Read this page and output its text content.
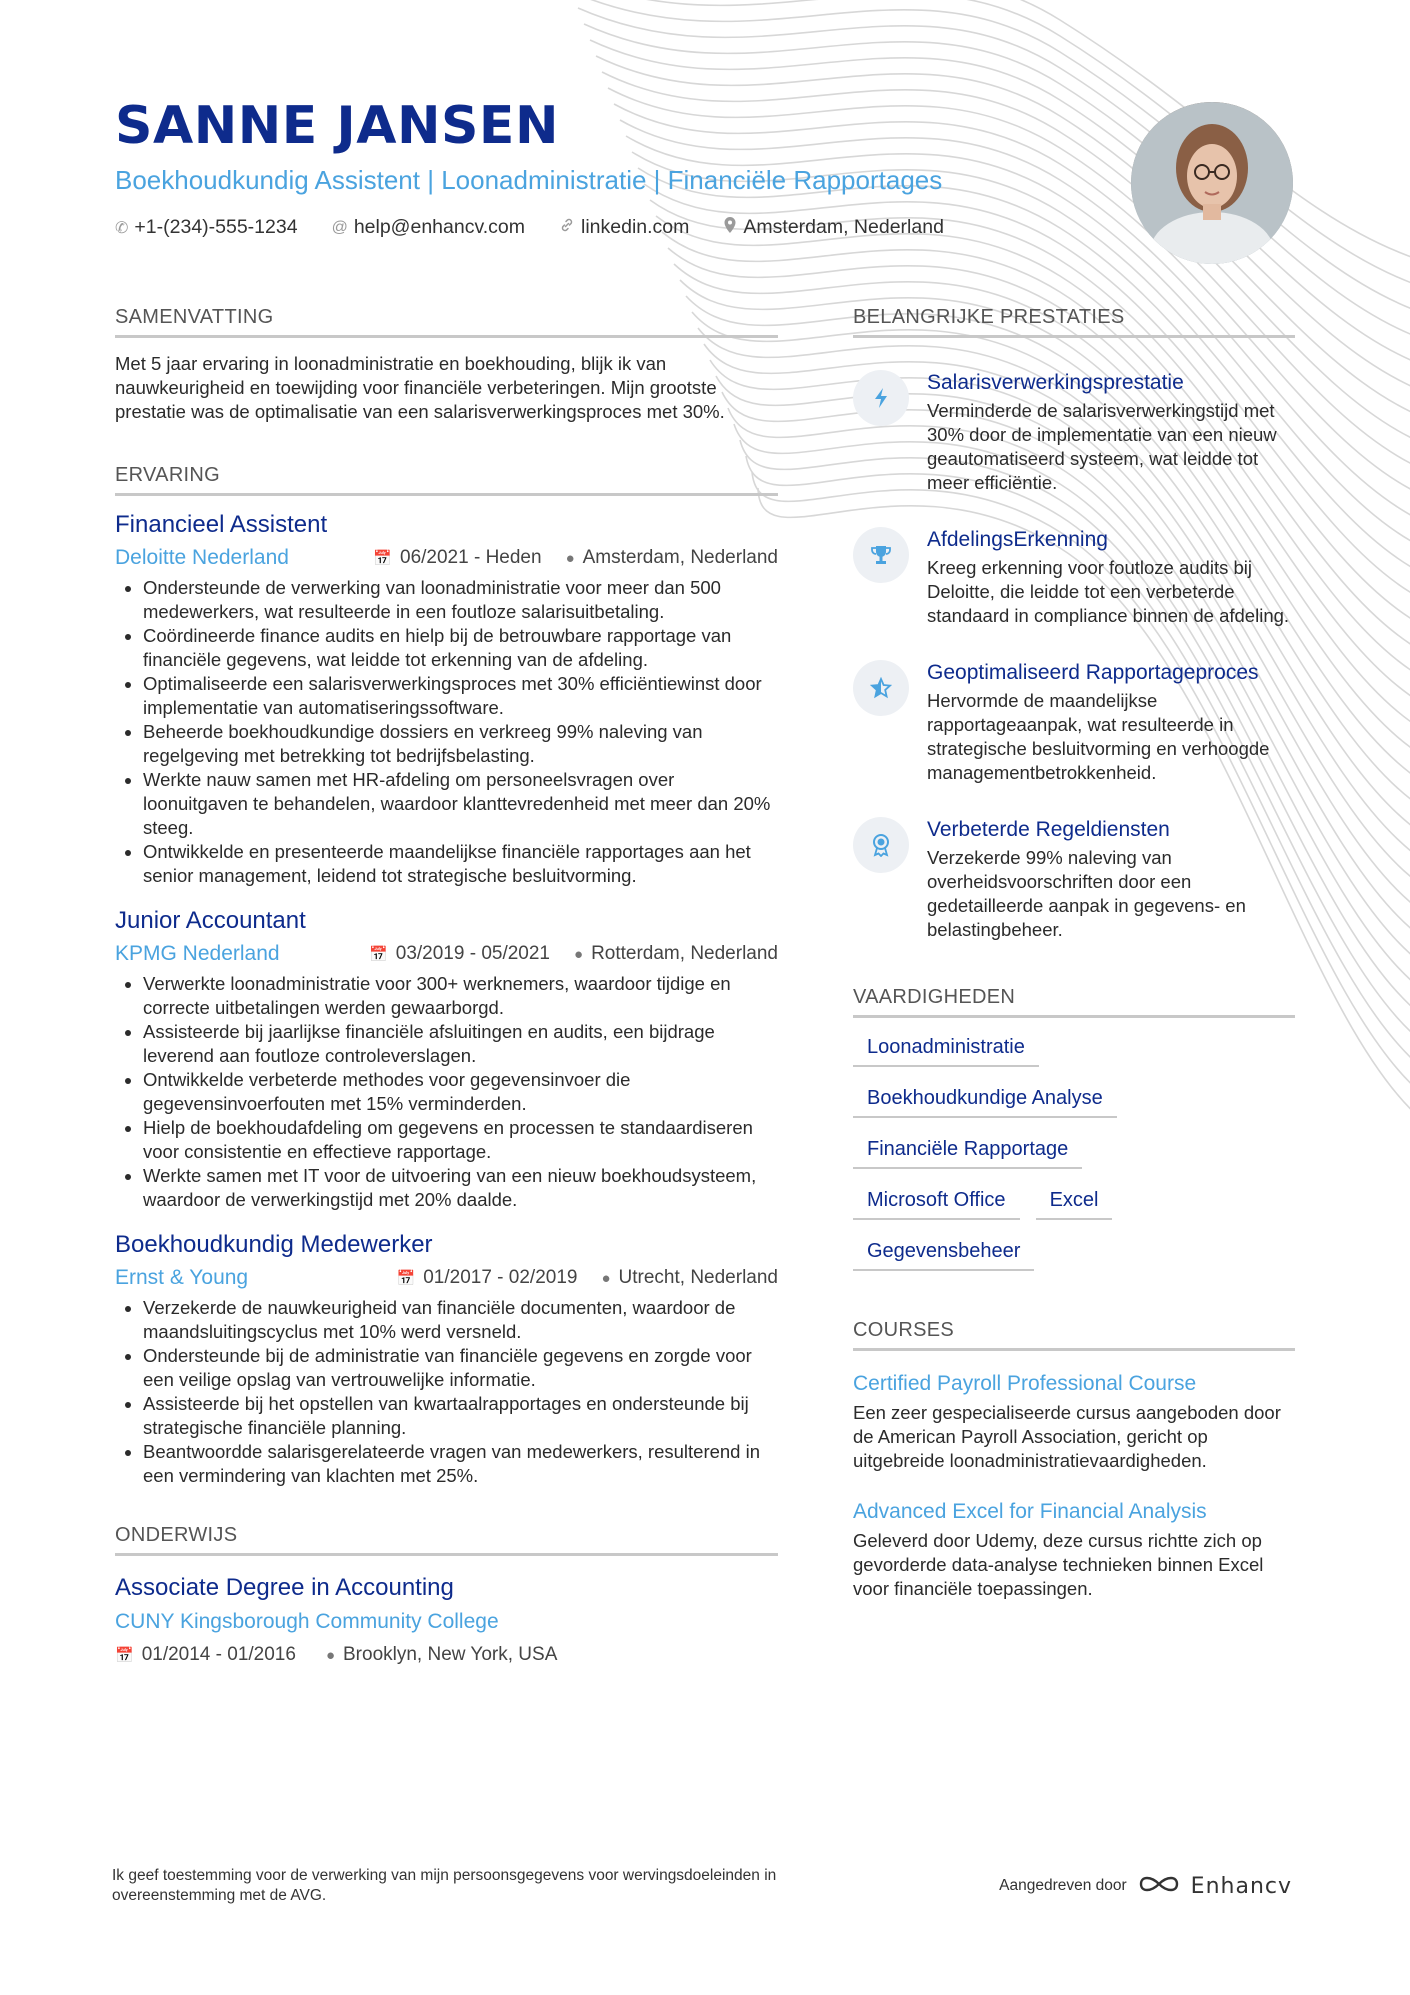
SANNE JANSEN
Boekhoudkundig Assistent | Loonadministratie | Financiële Rapportages
✆ +1-(234)-555-1234 @ help@enhancv.com	linkedin.com	Amsterdam, Nederland
SAMENVATTING
Met 5 jaar ervaring in loonadministratie en boekhouding, blijk ik van nauwkeurigheid en toewijding voor financiële verbeteringen. Mijn grootste prestatie was de optimalisatie van een salarisverwerkingsproces met 30%.
ERVARING
Financieel Assistent
Deloitte Nederland	📅 06/2021 - Heden ● Amsterdam, Nederland
• Ondersteunde de verwerking van loonadministratie voor meer dan 500 medewerkers, wat resulteerde in een foutloze salarisuitbetaling.
• Coördineerde finance audits en hielp bij de betrouwbare rapportage van financiële gegevens, wat leidde tot erkenning van de afdeling.
• Optimaliseerde een salarisverwerkingsproces met 30% efficiëntiewinst door implementatie van automatiseringssoftware.
• Beheerde boekhoudkundige dossiers en verkreeg 99% naleving van regelgeving met betrekking tot bedrijfsbelasting.
• Werkte nauw samen met HR-afdeling om personeelsvragen over loonuitgaven te behandelen, waardoor klanttevredenheid met meer dan 20% steeg.
• Ontwikkelde en presenteerde maandelijkse financiële rapportages aan het senior management, leidend tot strategische besluitvorming.
Junior Accountant
KPMG Nederland	📅 03/2019 - 05/2021 ● Rotterdam, Nederland
• Verwerkte loonadministratie voor 300+ werknemers, waardoor tijdige en correcte uitbetalingen werden gewaarborgd.
• Assisteerde bij jaarlijkse financiële afsluitingen en audits, een bijdrage leverend aan foutloze controleverslagen.
• Ontwikkelde verbeterde methodes voor gegevensinvoer die gegevensinvoerfouten met 15% verminderden.
• Hielp de boekhoudafdeling om gegevens en processen te standaardiseren voor consistentie en effectieve rapportage.
• Werkte samen met IT voor de uitvoering van een nieuw boekhoudsysteem, waardoor de verwerkingstijd met 20% daalde.
Boekhoudkundig Medewerker
Ernst & Young	📅 01/2017 - 02/2019 ● Utrecht, Nederland
• Verzekerde de nauwkeurigheid van financiële documenten, waardoor de maandsluitingscyclus met 10% werd versneld.
• Ondersteunde bij de administratie van financiële gegevens en zorgde voor een veilige opslag van vertrouwelijke informatie.
• Assisteerde bij het opstellen van kwartaalrapportages en ondersteunde bij strategische financiële planning.
• Beantwoordde salarisgerelateerde vragen van medewerkers, resulterend in een vermindering van klachten met 25%.
ONDERWIJS
Associate Degree in Accounting
CUNY Kingsborough Community College
📅 01/2014 - 01/2016 ● Brooklyn, New York, USA
BELANGRIJKE PRESTATIES
Salarisverwerkingsprestatie
Verminderde de salarisverwerkingstijd met 30% door de implementatie van een nieuw geautomatiseerd systeem, wat leidde tot meer efficiëntie.
AfdelingsErkenning
Kreeg erkenning voor foutloze audits bij Deloitte, die leidde tot een verbeterde standaard in compliance binnen de afdeling.
Geoptimaliseerd Rapportageproces
Hervormde de maandelijkse rapportageaanpak, wat resulteerde in strategische besluitvorming en verhoogde managementbetrokkenheid.
Verbeterde Regeldiensten
Verzekerde 99% naleving van overheidsvoorschriften door een gedetailleerde aanpak in gegevens- en belastingbeheer.
VAARDIGHEDEN
Loonadministratie
Boekhoudkundige Analyse
Financiële Rapportage
Microsoft Office	Excel
Gegevensbeheer
COURSES
Certified Payroll Professional Course
Een zeer gespecialiseerde cursus aangeboden door de American Payroll Association, gericht op uitgebreide loonadministratievaardigheden.
Advanced Excel for Financial Analysis
Geleverd door Udemy, deze cursus richtte zich op gevorderde data-analyse technieken binnen Excel voor financiële toepassingen.
Ik geef toestemming voor de verwerking van mijn persoonsgegevens voor wervingsdoeleinden in overeenstemming met de AVG.
Aangedreven door	Enhancv
